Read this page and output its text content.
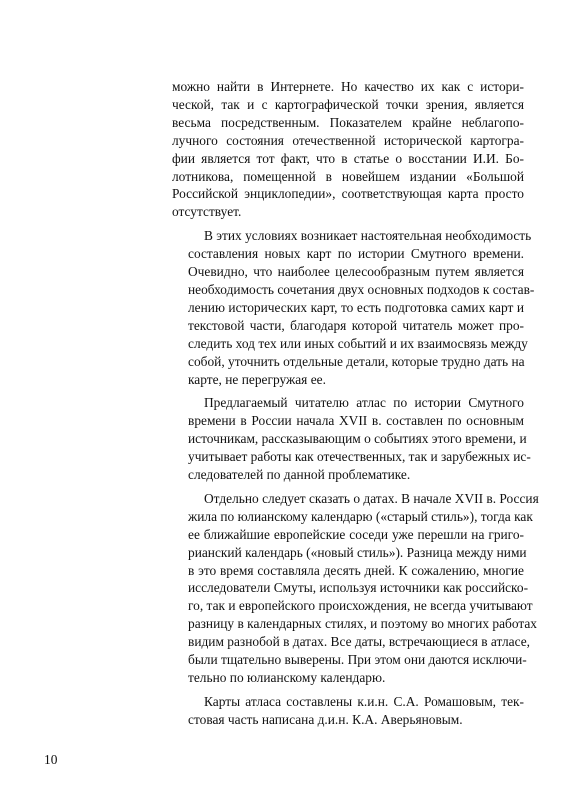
можно найти в Интернете. Но качество их как с истори-
ческой, так и с картографической точки зрения, является
весьма посредственным. Показателем крайне неблагопо-
лучного состояния отечественной исторической картогра-
фии является тот факт, что в статье о восстании И.И. Бо-
лотникова, помещенной в новейшем издании «Большой
Российской энциклопедии», соответствующая карта просто
отсутствует.
В этих условиях возникает настоятельная необходимость
составления новых карт по истории Смутного времени.
Очевидно, что наиболее целесообразным путем является
необходимость сочетания двух основных подходов к состав-
лению исторических карт, то есть подготовка самих карт и
текстовой части, благодаря которой читатель может про-
следить ход тех или иных событий и их взаимосвязь между
собой, уточнить отдельные детали, которые трудно дать на
карте, не перегружая ее.
Предлагаемый читателю атлас по истории Смутного
времени в России начала XVII в. составлен по основным
источникам, рассказывающим о событиях этого времени, и
учитывает работы как отечественных, так и зарубежных ис-
следователей по данной проблематике.
Отдельно следует сказать о датах. В начале XVII в. Россия
жила по юлианскому календарю («старый стиль»), тогда как
ее ближайшие европейские соседи уже перешли на григо-
рианский календарь («новый стиль»). Разница между ними
в это время составляла десять дней. К сожалению, многие
исследователи Смуты, используя источники как российско-
го, так и европейского происхождения, не всегда учитывают
разницу в календарных стилях, и поэтому во многих работах
видим разнобой в датах. Все даты, встречающиеся в атласе,
были тщательно выверены. При этом они даются исключи-
тельно по юлианскому календарю.
Карты атласа составлены к.и.н. С.А. Ромашовым, тек-
стовая часть написана д.и.н. К.А. Аверьяновым.
10
